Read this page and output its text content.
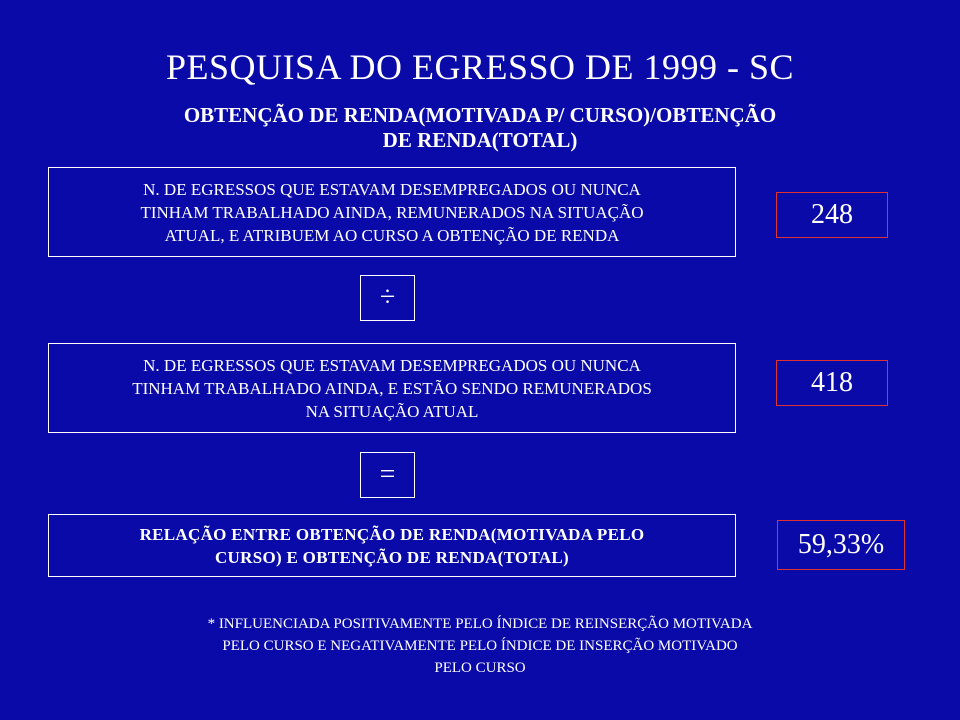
PESQUISA DO EGRESSO DE 1999 - SC
OBTENÇÃO DE RENDA(MOTIVADA P/ CURSO)/OBTENÇÃO
DE RENDA(TOTAL)
N. DE EGRESSOS QUE ESTAVAM DESEMPREGADOS OU NUNCA
TINHAM TRABALHADO AINDA, REMUNERADOS NA SITUAÇÃO
ATUAL, E ATRIBUEM AO CURSO A OBTENÇÃO DE RENDA
248
÷
N. DE EGRESSOS QUE ESTAVAM DESEMPREGADOS OU NUNCA
TINHAM TRABALHADO AINDA, E ESTÃO SENDO REMUNERADOS
NA SITUAÇÃO ATUAL
418
=
RELAÇÃO ENTRE OBTENÇÃO DE RENDA(MOTIVADA PELO
CURSO) E OBTENÇÃO DE RENDA(TOTAL)	59,33%
* INFLUENCIADA POSITIVAMENTE PELO ÍNDICE DE REINSERÇÃO MOTIVADA
PELO CURSO E NEGATIVAMENTE PELO ÍNDICE DE INSERÇÃO MOTIVADO
PELO CURSO
